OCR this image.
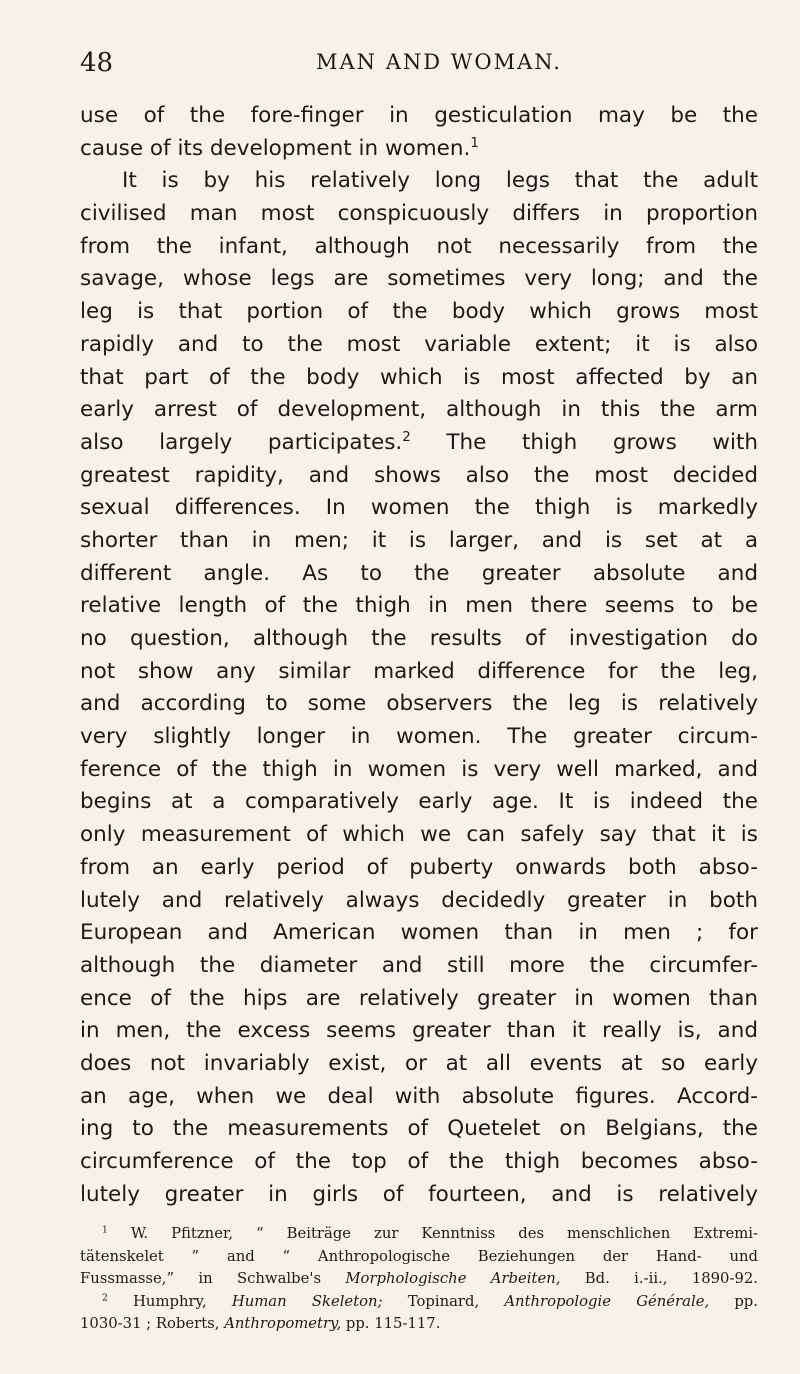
48	MAN AND WOMAN.
use of the fore-finger in gesticulation may be the
cause of its development in women.$^1$
It is by his relatively long legs that the adult
civilised man most conspicuously differs in proportion
from the infant, although not necessarily from the
savage, whose legs are sometimes very long; and the
leg is that portion of the body which grows most
rapidly and to the most variable extent; it is also
that part of the body which is most affected by an
early arrest of development, although in this the arm
also largely participates.$^2$ The thigh grows with
greatest rapidity, and shows also the most decided
sexual differences. In women the thigh is markedly
shorter than in men; it is larger, and is set at a
different angle. As to the greater absolute and
relative length of the thigh in men there seems to be
no question, although the results of investigation do
not show any similar marked difference for the leg,
and according to some observers the leg is relatively
very slightly longer in women. The greater circum-
ference of the thigh in women is very well marked, and
begins at a comparatively early age. It is indeed the
only measurement of which we can safely say that it is
from an early period of puberty onwards both abso-
lutely and relatively always decidedly greater in both
European and American women than in men ; for
although the diameter and still more the circumfer-
ence of the hips are relatively greater in women than
in men, the excess seems greater than it really is, and
does not invariably exist, or at all events at so early
an age, when we deal with absolute figures. Accord-
ing to the measurements of Quetelet on Belgians, the
circumference of the top of the thigh becomes abso-
lutely greater in girls of fourteen, and is relatively
$^1$ W. Pfitzner, “ Beiträge zur Kenntniss des menschlichen Extremi-
tätenskelet ” and “ Anthropologische Beziehungen der Hand- und
Fussmasse,” in Schwalbe's Morphologische Arbeiten, Bd. i.-ii., 1890-92.
$^2$ Humphry, Human Skeleton; Topinard, Anthropologie Générale, pp.
1030-31 ; Roberts, Anthropometry, pp. 115-117.
